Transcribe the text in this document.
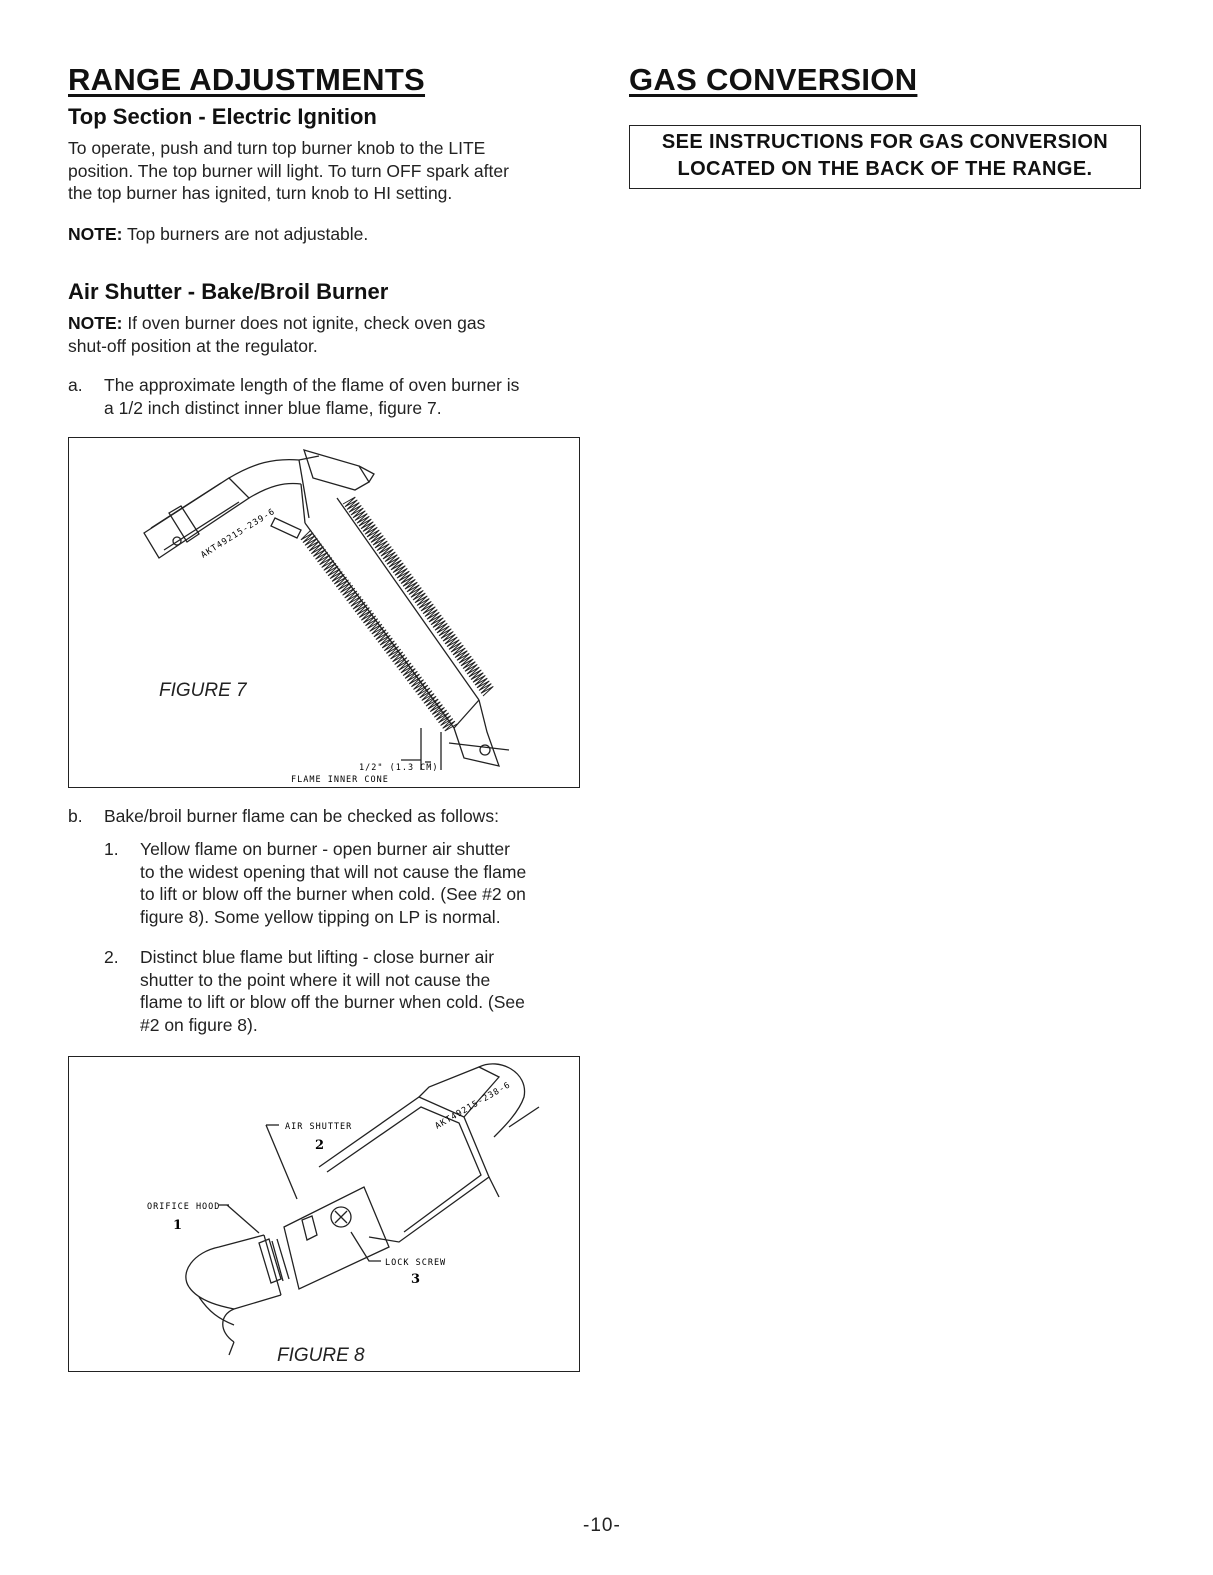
RANGE ADJUSTMENTS
Top Section - Electric Ignition
To operate, push and turn top burner knob to the LITE
position. The top burner will light. To turn OFF spark after
the top burner has ignited, turn knob to HI setting.
NOTE: Top burners are not adjustable.
Air Shutter - Bake/Broil Burner
NOTE: If oven burner does not ignite, check oven gas
shut-off position at the regulator.
a. The approximate length of the flame of oven burner is
a 1/2 inch distinct inner blue flame, figure 7.
AKT49215-239-6
1/2" (1.3 CM)
FLAME INNER CONE
FIGURE 7
b. Bake/broil burner flame can be checked as follows:
1. Yellow flame on burner - open burner air shutter
to the widest opening that will not cause the flame
to lift or blow off the burner when cold. (See #2 on
figure 8). Some yellow tipping on LP is normal.
2. Distinct blue flame but lifting - close burner air
shutter to the point where it will not cause the
flame to lift or blow off the burner when cold. (See
#2 on figure 8).
AKT49215-238-6
AIR SHUTTER
2
ORIFICE HOOD
1
LOCK SCREW
3
FIGURE 8
GAS CONVERSION
SEE INSTRUCTIONS FOR GAS CONVERSION
LOCATED ON THE BACK OF THE RANGE.
-10-
